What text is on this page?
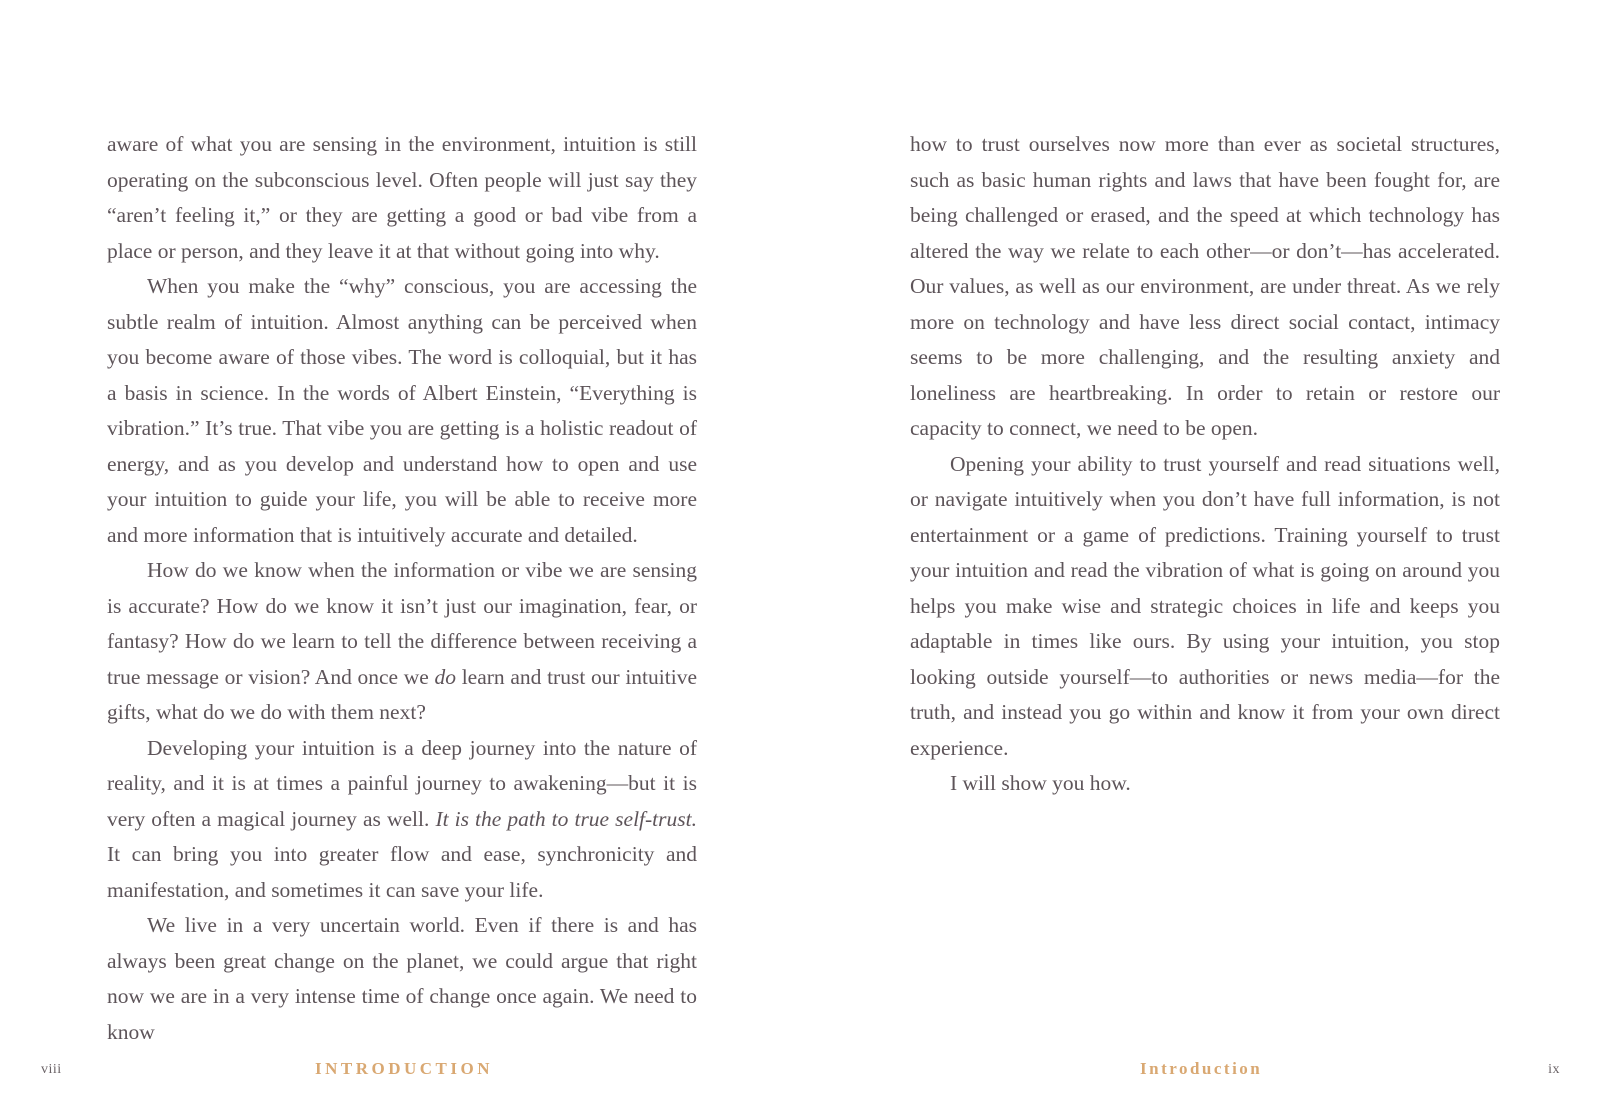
aware of what you are sensing in the environment, intuition is still operating on the subconscious level. Often people will just say they “aren’t feeling it,” or they are getting a good or bad vibe from a place or person, and they leave it at that without going into why.

When you make the “why” conscious, you are accessing the subtle realm of intuition. Almost anything can be perceived when you become aware of those vibes. The word is colloquial, but it has a basis in science. In the words of Albert Einstein, “Everything is vibration.” It’s true. That vibe you are getting is a holistic readout of energy, and as you develop and understand how to open and use your intuition to guide your life, you will be able to receive more and more information that is intuitively accurate and detailed.

How do we know when the information or vibe we are sensing is accurate? How do we know it isn’t just our imagination, fear, or fantasy? How do we learn to tell the difference between receiving a true message or vision? And once we do learn and trust our intuitive gifts, what do we do with them next?

Developing your intuition is a deep journey into the nature of reality, and it is at times a painful journey to awakening—but it is very often a magical journey as well. It is the path to true self-trust. It can bring you into greater flow and ease, synchronicity and manifestation, and sometimes it can save your life.

We live in a very uncertain world. Even if there is and has always been great change on the planet, we could argue that right now we are in a very intense time of change once again. We need to know

viii	INTRODUCTION

how to trust ourselves now more than ever as societal structures, such as basic human rights and laws that have been fought for, are being challenged or erased, and the speed at which technology has altered the way we relate to each other—or don’t—has accelerated. Our values, as well as our environment, are under threat. As we rely more on technology and have less direct social contact, intimacy seems to be more challenging, and the resulting anxiety and loneliness are heartbreaking. In order to retain or restore our capacity to connect, we need to be open.

Opening your ability to trust yourself and read situations well, or navigate intuitively when you don’t have full information, is not entertainment or a game of predictions. Training yourself to trust your intuition and read the vibration of what is going on around you helps you make wise and strategic choices in life and keeps you adaptable in times like ours. By using your intuition, you stop looking outside yourself—to authorities or news media—for the truth, and instead you go within and know it from your own direct experience.

I will show you how.

Introduction	ix
